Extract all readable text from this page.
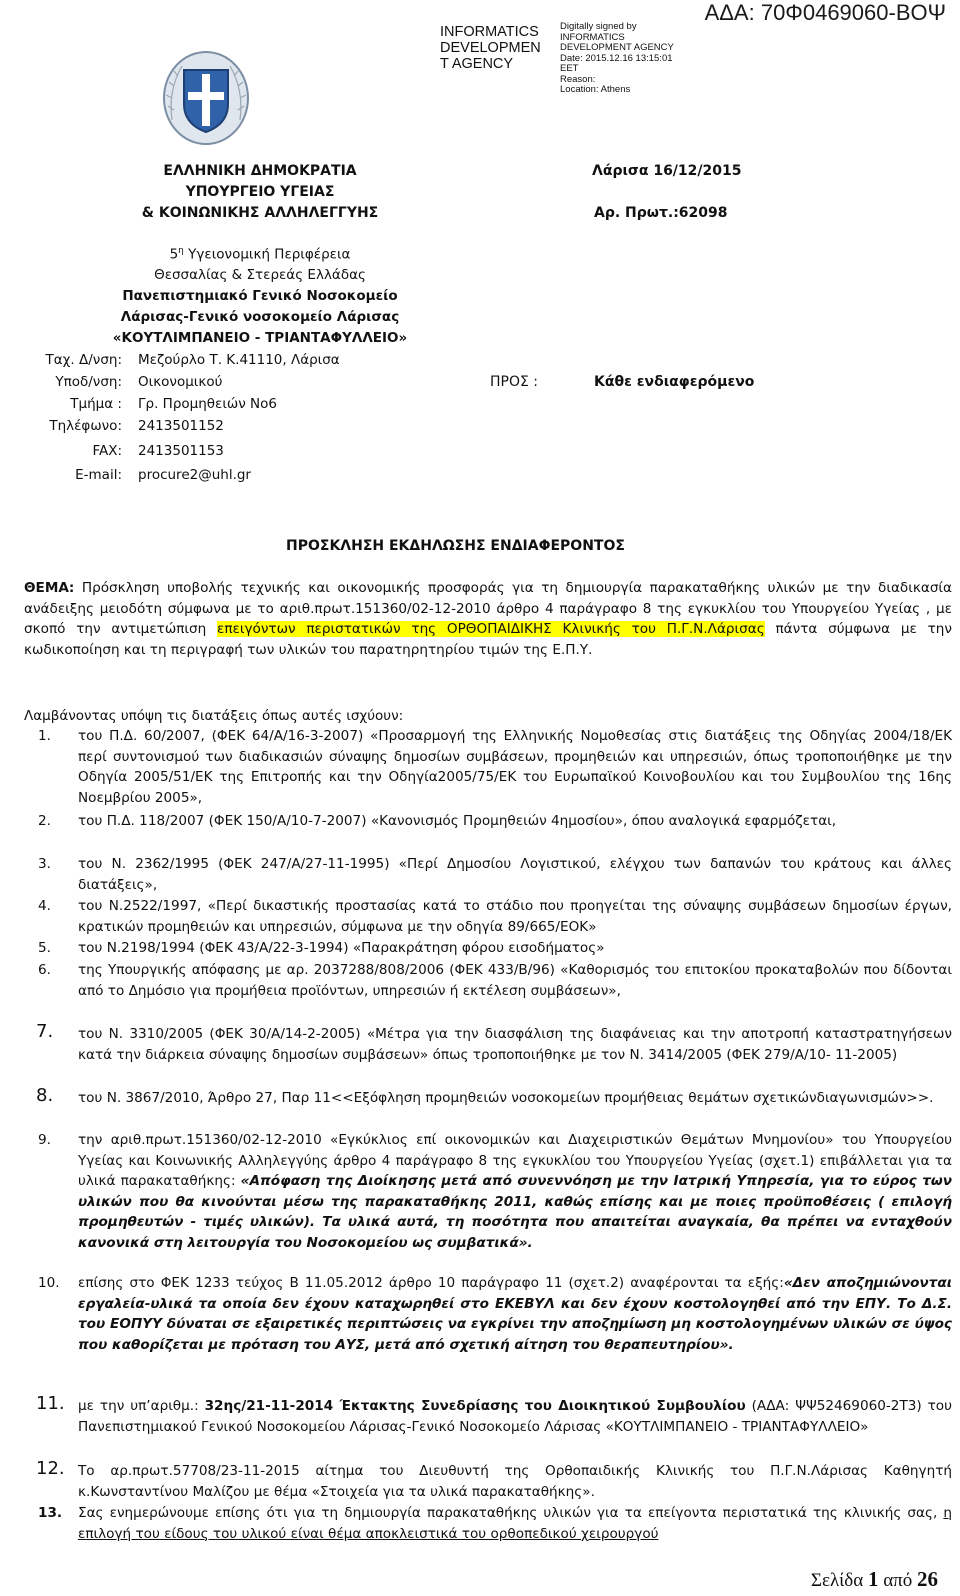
ΑΔΑ: 70Φ0469060-ΒΟΨ
INFORMATICS
DEVELOPMEN
T AGENCY
Digitally signed by
INFORMATICS
DEVELOPMENT AGENCY
Date: 2015.12.16 13:15:01
EET
Reason:
Location: Athens
ΕΛΛΗΝΙΚΗ ΔΗΜΟΚΡΑΤΙΑ
ΥΠΟΥΡΓΕΙΟ ΥΓΕΙΑΣ
& ΚΟΙΝΩΝΙΚΗΣ ΑΛΛΗΛΕΓΓΥΗΣ
Λάρισα 16/12/2015
Αρ. Πρωτ.:62098
$5^\eta$ Υγειονομική Περιφέρεια
Θεσσαλίας & Στερεάς Ελλάδας
Πανεπιστημιακό Γενικό Νοσοκομείο
Λάρισας-Γενικό νοσοκομείο Λάρισας
«ΚΟΥΤΛΙΜΠΑΝΕΙΟ - ΤΡΙΑΝΤΑΦΥΛΛΕΙΟ»
Ταχ. Δ/νση: Μεζούρλο Τ. Κ.41110, Λάρισα
Υποδ/νση: Οικονομικού
Τμήμα : Γρ. Προμηθειών Νο6
Τηλέφωνο: 2413501152
FAX: 2413501153
E-mail: procure2@uhl.gr
ΠΡΟΣ :	Κάθε ενδιαφερόμενο
ΠΡΟΣΚΛΗΣΗ ΕΚΔΗΛΩΣΗΣ ΕΝΔΙΑΦΕΡΟΝΤΟΣ
ΘΕΜΑ: Πρόσκληση υποβολής τεχνικής και οικονομικής προσφοράς για τη δημιουργία παρακαταθήκης υλικών με την διαδικασία ανάδειξης μειοδότη σύμφωνα με το αριθ.πρωτ.151360/02-12-2010 άρθρο 4 παράγραφο 8 της εγκυκλίου του Υπουργείου Υγείας , με σκοπό την αντιμετώπιση επειγόντων περιστατικών της ΟΡΘΟΠΑΙΔΙΚΗΣ Κλινικής του Π.Γ.Ν.Λάρισας πάντα σύμφωνα με την κωδικοποίηση και τη περιγραφή των υλικών του παρατηρητηρίου τιμών της Ε.Π.Υ.
Λαμβάνοντας υπόψη τις διατάξεις όπως αυτές ισχύουν:
1. του Π.Δ. 60/2007, (ΦΕΚ 64/Α/16-3-2007) «Προσαρμογή της Ελληνικής Νομοθεσίας στις διατάξεις της Οδηγίας 2004/18/ΕΚ περί συντονισμού των διαδικασιών σύναψης δημοσίων συμβάσεων, προμηθειών και υπηρεσιών, όπως τροποποιήθηκε με την Οδηγία 2005/51/ΕΚ της Επιτροπής και την Οδηγία2005/75/ΕΚ του Ευρωπαϊκού Κοινοβουλίου και του Συμβουλίου της 16ης Νοεμβρίου 2005»,
2. του Π.Δ. 118/2007 (ΦΕΚ 150/Α/10-7-2007) «Κανονισμός Προμηθειών 4ημοσίου», όπου αναλογικά εφαρμόζεται,
3. του Ν. 2362/1995 (ΦΕΚ 247/Α/27-11-1995) «Περί Δημοσίου Λογιστικού, ελέγχου των δαπανών του κράτους και άλλες διατάξεις»,
4. του Ν.2522/1997, «Περί δικαστικής προστασίας κατά το στάδιο που προηγείται της σύναψης συμβάσεων δημοσίων έργων, κρατικών προμηθειών και υπηρεσιών, σύμφωνα με την οδηγία 89/665/ΕΟΚ»
5. του Ν.2198/1994 (ΦΕΚ 43/Α/22-3-1994) «Παρακράτηση φόρου εισοδήματος»
6. της Υπουργικής απόφασης με αρ. 2037288/808/2006 (ΦΕΚ 433/Β/96) «Καθορισμός του επιτοκίου προκαταβολών που δίδονται από το Δημόσιο για προμήθεια προϊόντων, υπηρεσιών ή εκτέλεση συμβάσεων»,
7. του Ν. 3310/2005 (ΦΕΚ 30/Α/14-2-2005) «Μέτρα για την διασφάλιση της διαφάνειας και την αποτροπή καταστρατηγήσεων κατά την διάρκεια σύναψης δημοσίων συμβάσεων» όπως τροποποιήθηκε με τον Ν. 3414/2005 (ΦΕΚ 279/Α/10- 11-2005)
8. του Ν. 3867/2010, Άρθρο 27, Παρ 11<<Εξόφληση προμηθειών νοσοκομείων προμήθειας θεμάτων σχετικώνδιαγωνισμών>>.
9. την αριθ.πρωτ.151360/02-12-2010 «Εγκύκλιος επί οικονομικών και Διαχειριστικών Θεμάτων Μνημονίου» του Υπουργείου Υγείας και Κοινωνικής Αλληλεγγύης άρθρο 4 παράγραφο 8 της εγκυκλίου του Υπουργείου Υγείας (σχετ.1) επιβάλλεται για τα υλικά παρακαταθήκης: «Απόφαση της Διοίκησης μετά από συνεννόηση με την Ιατρική Υπηρεσία, για το εύρος των υλικών που θα κινούνται μέσω της παρακαταθήκης 2011, καθώς επίσης και με ποιες προϋποθέσεις ( επιλογή προμηθευτών - τιμές υλικών). Τα υλικά αυτά, τη ποσότητα που απαιτείται αναγκαία, θα πρέπει να ενταχθούν κανονικά στη λειτουργία του Νοσοκομείου ως συμβατικά».
10. επίσης στο ΦΕΚ 1233 τεύχος Β 11.05.2012 άρθρο 10 παράγραφο 11 (σχετ.2) αναφέρονται τα εξής:«Δεν αποζημιώνονται εργαλεία-υλικά τα οποία δεν έχουν καταχωρηθεί στο ΕΚΕΒΥΛ και δεν έχουν κοστολογηθεί από την ΕΠΥ. Το Δ.Σ. του ΕΟΠΥΥ δύναται σε εξαιρετικές περιπτώσεις να εγκρίνει την αποζημίωση μη κοστολογημένων υλικών σε ύψος που καθορίζεται με πρόταση του ΑΥΣ, μετά από σχετική αίτηση του θεραπευτηρίου».
11. με την υπ’αριθμ.: 32ης/21-11-2014 Έκτακτης Συνεδρίασης του Διοικητικού Συμβουλίου (ΑΔΑ: ΨΨ52469060-2Τ3) του Πανεπιστημιακού Γενικού Νοσοκομείου Λάρισας-Γενικό Νοσοκομείο Λάρισας «ΚΟΥΤΛΙΜΠΑΝΕΙΟ - ΤΡΙΑΝΤΑΦΥΛΛΕΙΟ»
12. Το αρ.πρωτ.57708/23-11-2015 αίτημα του Διευθυντή της Ορθοπαιδικής Κλινικής του Π.Γ.Ν.Λάρισας Καθηγητή κ.Κωνσταντίνου Μαλίζου με θέμα «Στοιχεία για τα υλικά παρακαταθήκης».
13. Σας ενημερώνουμε επίσης ότι για τη δημιουργία παρακαταθήκης υλικών για τα επείγοντα περιστατικά της κλινικής σας, η επιλογή του είδους του υλικού είναι θέμα αποκλειστικά του ορθοπεδικού χειρουργού
Σελίδα 1 από 26
